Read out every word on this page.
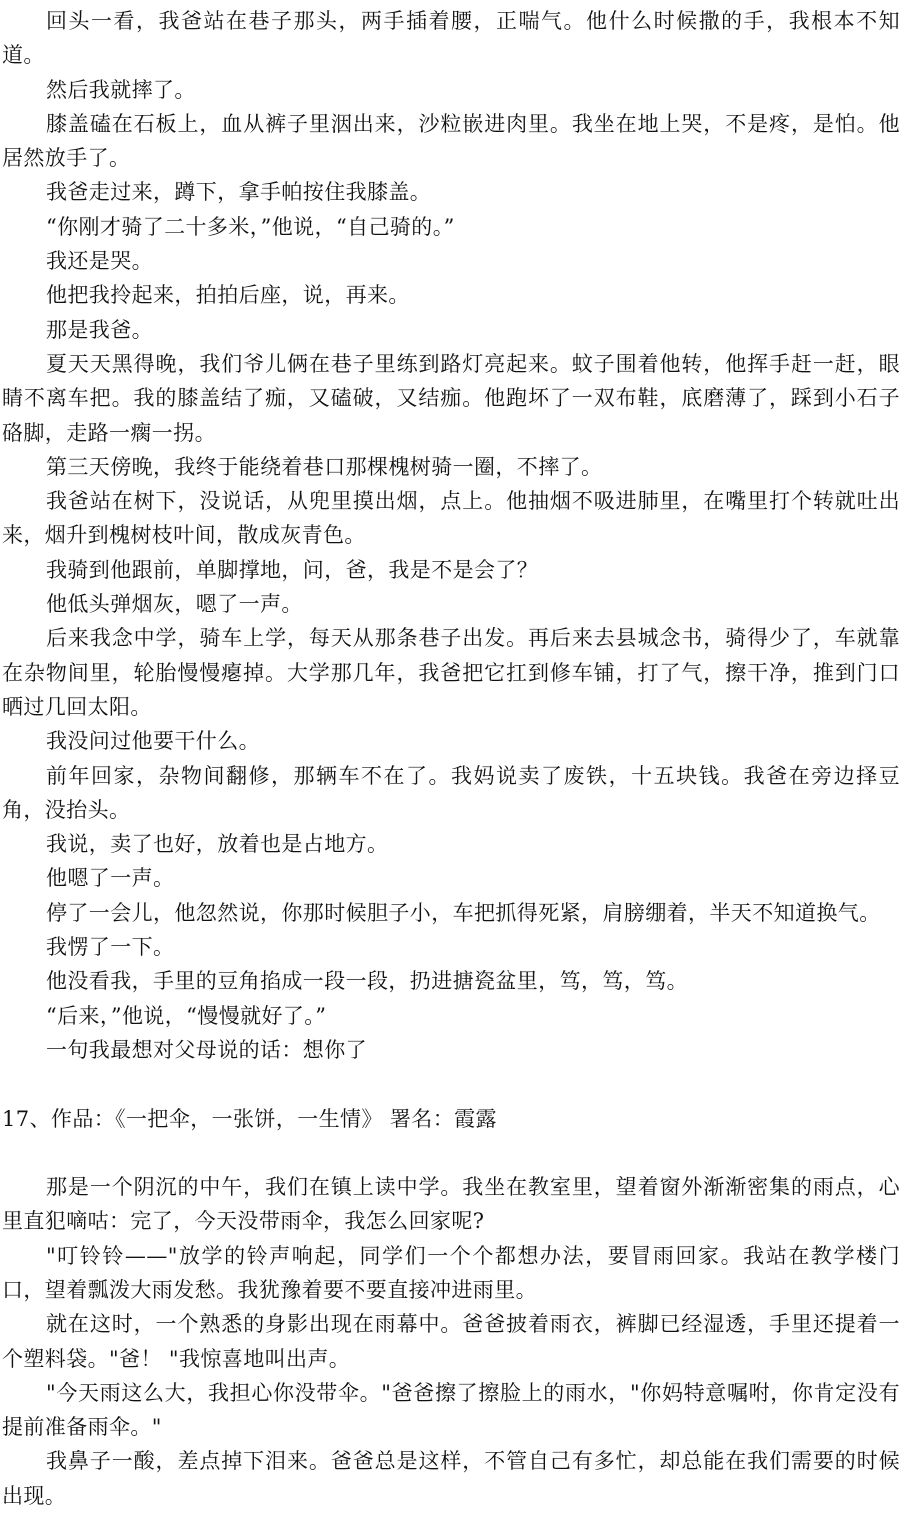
回头一看，我爸站在巷子那头，两手插着腰，正喘气。他什么时候撒的手，我根本不知道。

然后我就摔了。

膝盖磕在石板上，血从裤子里洇出来，沙粒嵌进肉里。我坐在地上哭，不是疼，是怕。他居然放手了。

我爸走过来，蹲下，拿手帕按住我膝盖。

“你刚才骑了二十多米，”他说，“自己骑的。”

我还是哭。

他把我拎起来，拍拍后座，说，再来。

那是我爸。

夏天天黑得晚，我们爷儿俩在巷子里练到路灯亮起来。蚊子围着他转，他挥手赶一赶，眼睛不离车把。我的膝盖结了痂，又磕破，又结痂。他跑坏了一双布鞋，底磨薄了，踩到小石子硌脚，走路一瘸一拐。

第三天傍晚，我终于能绕着巷口那棵槐树骑一圈，不摔了。

我爸站在树下，没说话，从兜里摸出烟，点上。他抽烟不吸进肺里，在嘴里打个转就吐出来，烟升到槐树枝叶间，散成灰青色。

我骑到他跟前，单脚撑地，问，爸，我是不是会了？

他低头弹烟灰，嗯了一声。

后来我念中学，骑车上学，每天从那条巷子出发。再后来去县城念书，骑得少了，车就靠在杂物间里，轮胎慢慢瘪掉。大学那几年，我爸把它扛到修车铺，打了气，擦干净，推到门口晒过几回太阳。

我没问过他要干什么。

前年回家，杂物间翻修，那辆车不在了。我妈说卖了废铁，十五块钱。我爸在旁边择豆角，没抬头。

我说，卖了也好，放着也是占地方。

他嗯了一声。

停了一会儿，他忽然说，你那时候胆子小，车把抓得死紧，肩膀绷着，半天不知道换气。

我愣了一下。

他没看我，手里的豆角掐成一段一段，扔进搪瓷盆里，笃，笃，笃。

“后来，”他说，“慢慢就好了。”

一句我最想对父母说的话：想你了

17、作品：《一把伞，一张饼，一生情》 署名：霞露

那是一个阴沉的中午，我们在镇上读中学。我坐在教室里，望着窗外渐渐密集的雨点，心里直犯嘀咕：完了，今天没带雨伞，我怎么回家呢?

"叮铃铃——"放学的铃声响起，同学们一个个都想办法，要冒雨回家。我站在教学楼门口，望着瓢泼大雨发愁。我犹豫着要不要直接冲进雨里。

就在这时，一个熟悉的身影出现在雨幕中。爸爸披着雨衣，裤脚已经湿透，手里还提着一个塑料袋。"爸！ "我惊喜地叫出声。

"今天雨这么大，我担心你没带伞。"爸爸擦了擦脸上的雨水，"你妈特意嘱咐，你肯定没有提前准备雨伞。"

我鼻子一酸，差点掉下泪来。爸爸总是这样，不管自己有多忙，却总能在我们需要的时候出现。
